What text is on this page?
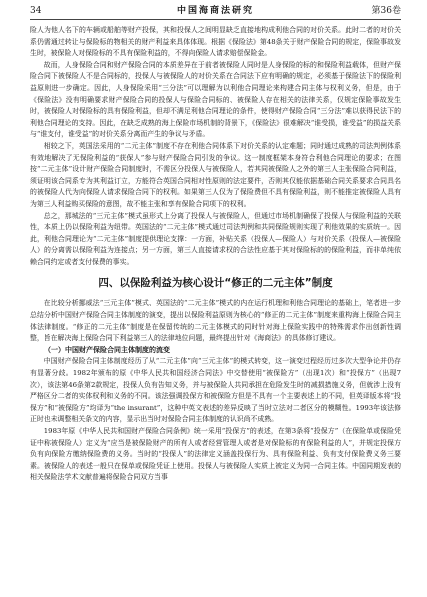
34	中国海商法研究	第36卷

险人为他人名下的车辆或船舶等财产投保，其和投保人之间明显缺乏直接地构成利他合同的对价关系。此时二者的对价关系仍需通过转让与保险标的物相关的财产利益来具体体现。根据《保险法》第48条关于财产保险合同的规定，保险事故发生时，被保险人对保险标的不具有保险利益的，不得向保险人请求赔偿保险金。

故而，人身保险合同和财产保险合同的本质差异在于前者被保险人同时是人身保险的标的和保险利益载体，但财产保险合同下被保险人不是合同标的，投保人与被保险人的对价关系在合同法下应有明确的规定，必须基于保险法下的保险利益原则进一步确定。因此，人身保险采用“三分法”可以理解为以利他合同理论来构建合同主体与权利义务，但是，由于《保险法》没有明确要求财产保险合同的投保人与保险合同标的、被保险人存在相关的法律关系，仅规定保险事故发生时，被保险人对保险标的具有保险利益，但却不满足利他合同理论的条件，使得财产保险合同“三分法”难以获得民法下的利他合同理论的支持。因此，在缺乏成熟的海上保险市场机制的背景下，《保险法》很难解决“谁受损，谁受益”的损益关系与“谁支付，谁受益”的对价关系分离而产生的争议与矛盾。

相较之下，英国法采用的“二元主体”制度不存在利他合同体系下对价关系的认定难题；同时通过成熟的司法判例体系有效地解决了无保险利益的“获保人”参与财产保险合同引发的争议。这一制度框架本身符合利他合同理论的要求；在图按“二元主体”设计财产保险合同制度时，不需区分投保人与被保险人，若其同被保险人之外的第三人主张保险合同利益，须证明该合同系专为其利益订立，方能符合英国合同相对性原则的法定要件，否则其仅能依据基础合同关系要求合同具名的被保险人代为向保险人请求保险合同下的权利。如果第三人仅为了保险费但不具有保险利益，则不能推定被保险人具有为第三人利益购买保险的意图，故不能主张和享有保险合同项下的权利。

总之，那城法的“三元主体”模式虽形式上分离了投保人与被保险人，但通过市场机制确保了投保人与保险利益的关联性，本质上仍以保险利益为纽带。英国法的“二元主体”模式通过司法判例和共同保险规则实现了利他效果的实质统一。因此，利他合同理论为“二元主体”制度提供理论支撑：一方面，补贴关系（投保人—保险人）与对价关系（投保人—被保险人）的分离需以保险利益为连接点；另一方面，第三人直接请求权的合法性应基于其对保险标的的保险利益，而非单纯依赖合同约定或者支付保费的事实。

四、以保险利益为核心设计“修正的二元主体”制度

在比较分析挪威法“三元主体”模式、英国法的“二元主体”模式的内在运行机理和利他合同理论的基础上，笔者进一步总结分析中国财产保险合同主体制度的演变，提出以保险利益原则为核心的“修正的二元主体”制度来重构海上保险合同主体法律制度。“修正的二元主体”制度是在保留传统的二元主体模式的同时针对海上保险实践中的特殊需求作出创新性调整，旨在解决海上保险合同下利益第三人的法律地位问题，最终提出针对《海商法》的具体修订建议。

（一）中国财产保险合同主体制度的流变

中国财产保险合同主体制度经历了从“二元主体”向“三元主体”的模式转变，这一演变过程经历过多次大型争论并仍存有显著分歧。1982年颁布的原《中华人民共和国经济合同法》中交替使用“被保险方”（出现1次）和“投保方”（出现7次），该法第46条第2款规定，投保人负有告知义务，并与被保险人共同承担在危险发生时的减损措施义务，但就涉上没有严格区分二者的实体权利和义务的不同。该法强调投保方和被保险方但是不具有一个主要表述上的不同，但英译版本将“投保方”和“被保险方”均译为“the insurant”，这种中英文表述的差异反映了当时立法对二者区分的模糊性。1993年该法修正时也未调整相关条文的内容，显示出当时对保险合同主体制度的认识尚不成熟。

1983年原《中华人民共和国财产保险合同条例》统一采用“投保方”的表述，在第3条将“投保方”（在保险单或保险凭证中称被保险人）定义为“应当是被保险财产的所有人或者经营管理人或者是对保险标的有保险利益的人”，并规定投保方负有向保险方缴纳保险费的义务。当时的“投保人”的法律定义涵盖投保行为、具有保险利益、负有支付保险费义务三要素。被保险人的表述一般只在保单或保险凭证上使用。投保人与被保险人实质上被定义为同一合同主体。中国同期发表的相关保险法学术文献普遍将保险合同双方当事
